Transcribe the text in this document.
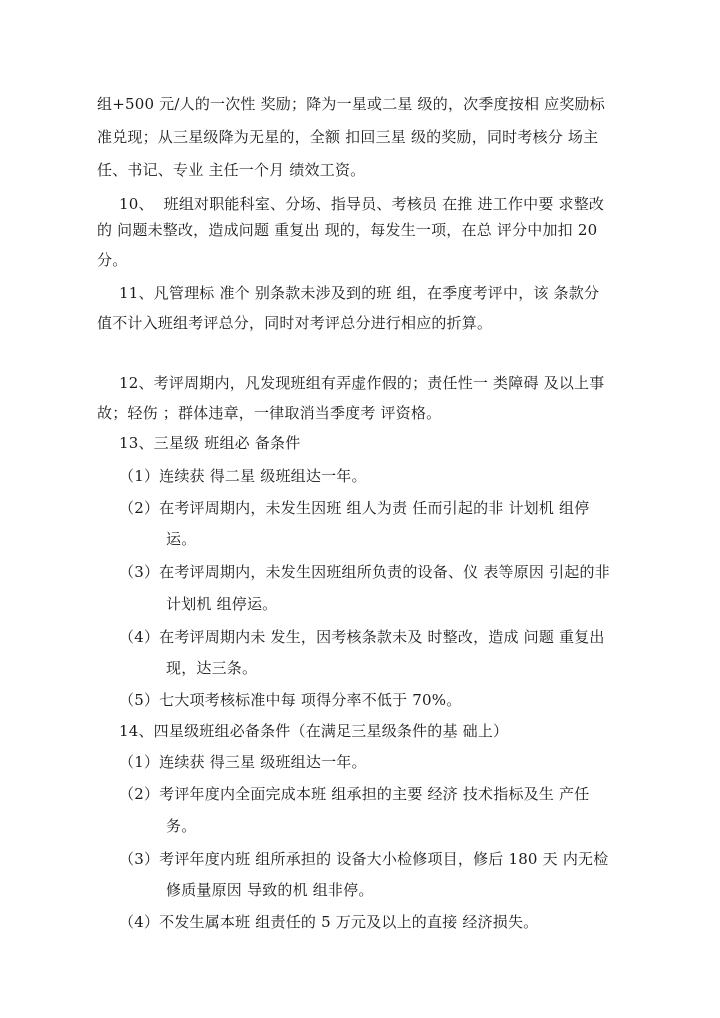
组+500 元/人的一次性 奖励；降为一星或二星 级的，次季度按相 应奖励标
准兑现；从三星级降为无星的，全额 扣回三星 级的奖励，同时考核分 场主
任、书记、专业 主任一个月 绩效工资。
10、  班组对职能科室、分场、指导员、考核员 在推 进工作中要 求整改
的 问题未整改，造成问题 重复出 现的，每发生一项，在总 评分中加扣 20
分。
11、凡管理标 准个 别条款未涉及到的班 组，在季度考评中，该 条款分
值不计入班组考评总分，同时对考评总分进行相应的折算。
12、考评周期内，凡发现班组有弄虚作假的；责任性一 类障碍 及以上事
故；轻伤 ；群体违章，一律取消当季度考 评资格。
13、三星级 班组必 备条件
（1）连续获 得二星 级班组达一年。
（2）在考评周期内，未发生因班 组人为责 任而引起的非 计划机 组停
运。
（3）在考评周期内，未发生因班组所负责的设备、仪 表等原因 引起的非
计划机 组停运。
（4）在考评周期内未 发生，因考核条款未及 时整改，造成 问题 重复出
现，达三条。
（5）七大项考核标准中每 项得分率不低于 70%。
14、四星级班组必备条件（在满足三星级条件的基 础上）
（1）连续获 得三星 级班组达一年。
（2）考评年度内全面完成本班 组承担的主要 经济 技术指标及生 产任
务。
（3）考评年度内班 组所承担的 设备大小检修项目，修后 180 天 内无检
修质量原因 导致的机 组非停。
（4）不发生属本班 组责任的 5 万元及以上的直接 经济损失。
